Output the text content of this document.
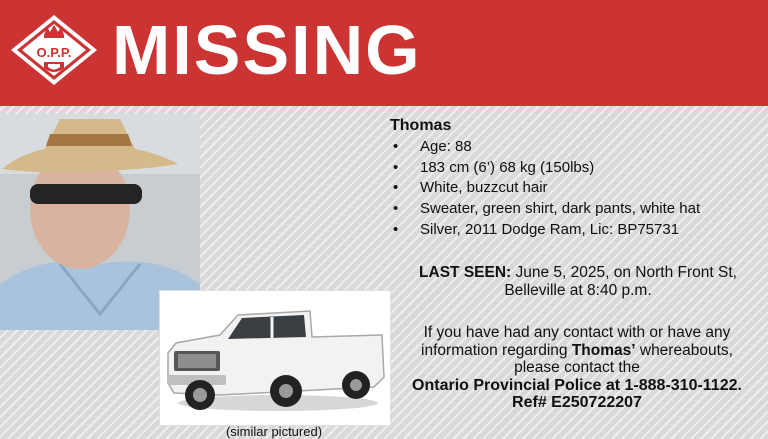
O.P.P. MISSING
(similar pictured)
Thomas
• Age: 88
• 183 cm (6’) 68 kg (150lbs)
• White, buzzcut hair
• Sweater, green shirt, dark pants, white hat
• Silver, 2011 Dodge Ram, Lic: BP75731
LAST SEEN: June 5, 2025, on North Front St,
Belleville at 8:40 p.m.
If you have had any contact with or have any
information regarding Thomas’ whereabouts,
please contact the
Ontario Provincial Police at 1-888-310-1122.
Ref# E250722207
